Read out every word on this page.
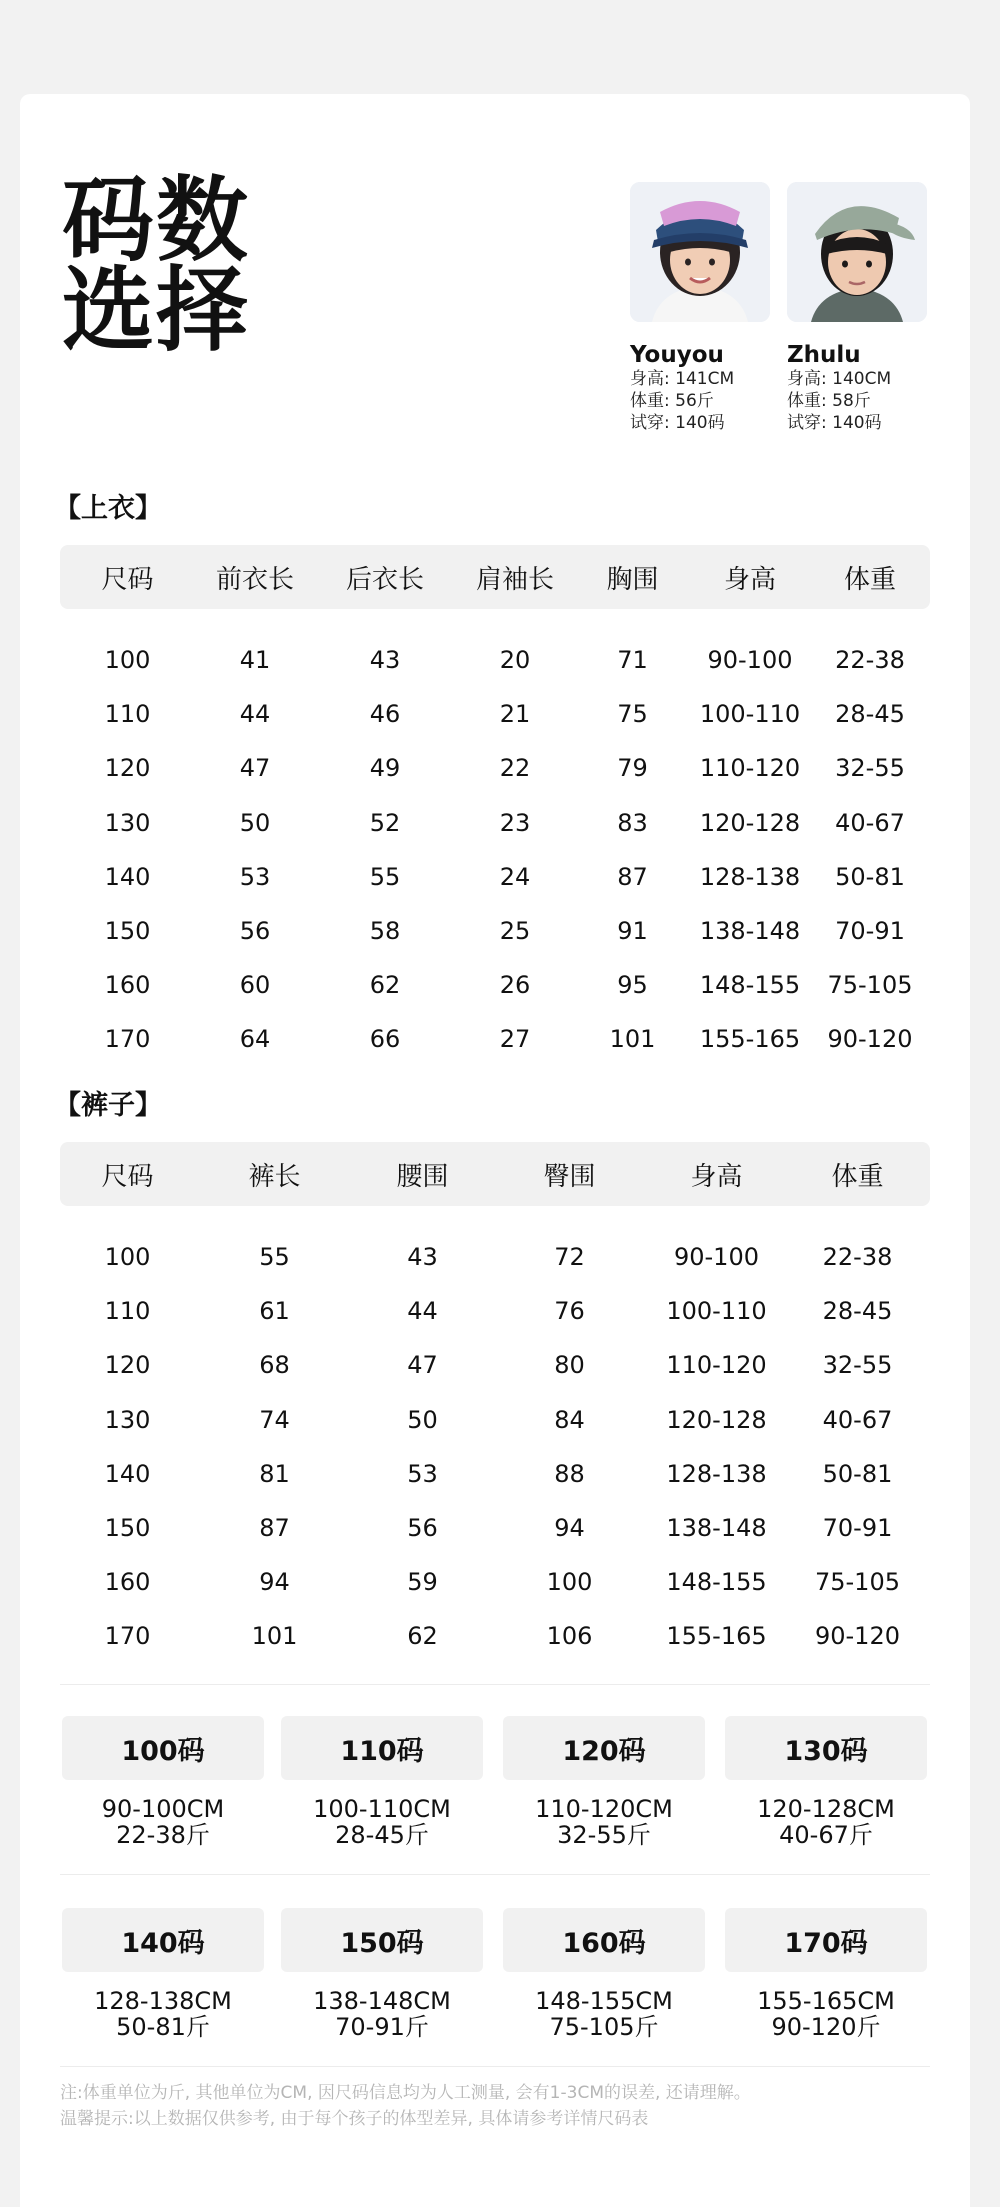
码数
选择	Youyou
身高: 141CM
体重: 56斤
试穿: 140码
Zhulu
身高: 140CM
体重: 58斤
试穿: 140码
【上衣】
尺码	前衣长	后衣长	肩袖长	胸围	身高	体重
100	41	43	20	71	90-100	22-38
110	44	46	21	75	100-110	28-45
120	47	49	22	79	110-120	32-55
130	50	52	23	83	120-128	40-67
140	53	55	24	87	128-138	50-81
150	56	58	25	91	138-148	70-91
160	60	62	26	95	148-155	75-105
170	64	66	27	101	155-165	90-120
【裤子】
尺码	裤长	腰围	臀围	身高	体重
100	55	43	72	90-100	22-38
110	61	44	76	100-110	28-45
120	68	47	80	110-120	32-55
130	74	50	84	120-128	40-67
140	81	53	88	128-138	50-81
150	87	56	94	138-148	70-91
160	94	59	100	148-155	75-105
170	101	62	106	155-165	90-120
100码
90-100CM
22-38斤
110码
100-110CM
28-45斤
120码
110-120CM
32-55斤
130码
120-128CM
40-67斤
140码
128-138CM
50-81斤
150码
138-148CM
70-91斤
160码
148-155CM
75-105斤
170码
155-165CM
90-120斤
注:体重单位为斤, 其他单位为CM, 因尺码信息均为人工测量, 会有1-3CM的误差, 还请理解。
温馨提示:以上数据仅供参考, 由于每个孩子的体型差异, 具体请参考详情尺码表
